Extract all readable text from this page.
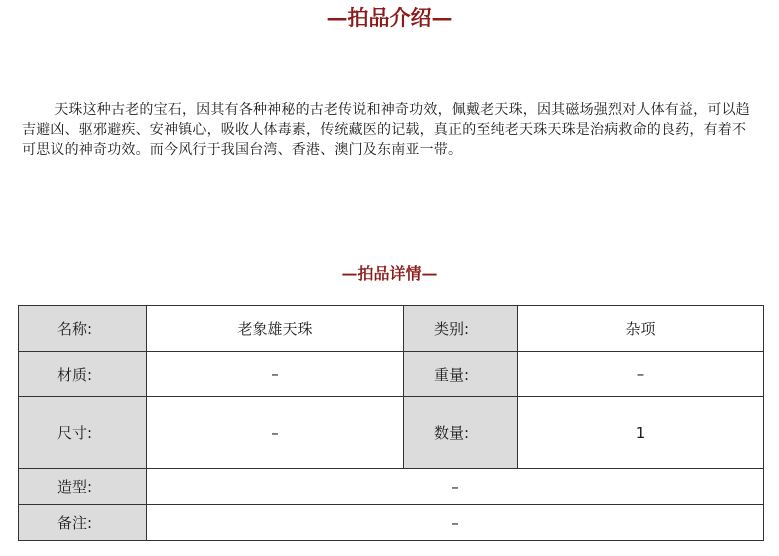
—拍品介绍—

天珠这种古老的宝石，因其有各种神秘的古老传说和神奇功效，佩戴老天珠，因其磁场强烈对人体有益，可以趋吉避凶、驱邪避疾、安神镇心，吸收人体毒素，传统藏医的记载，真正的至纯老天珠天珠是治病救命的良药，有着不可思议的神奇功效。而今风行于我国台湾、香港、澳门及东南亚一带。

—拍品详情—
名称:	老象雄天珠	类别:	杂项
材质:	–	重量:	–
尺寸:	–	数量:	1
造型:	–		
备注:	–		
